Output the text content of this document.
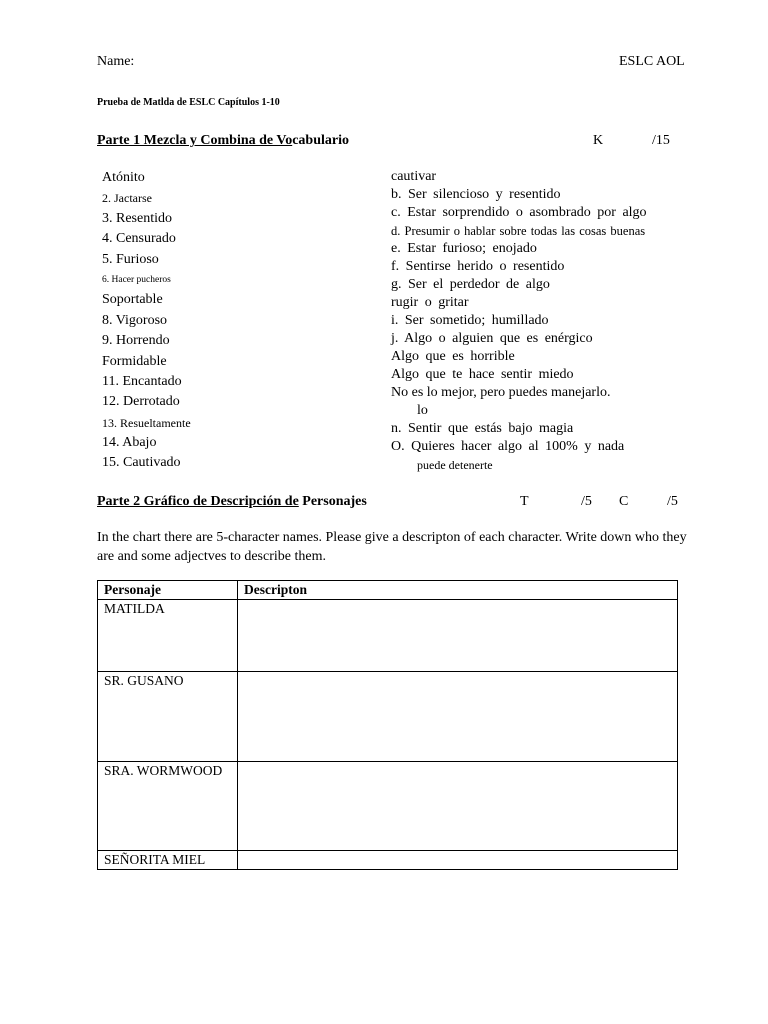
Name:	ESLC AOL
Prueba de Matlda de ESLC Capítulos 1-10
Parte 1 Mezcla y Combina de Vocabulario	K	/15
Atónito
2. Jactarse
3. Resentido
4. Censurado
5. Furioso
6. Hacer pucheros
Soportable
8. Vigoroso
9. Horrendo
Formidable
11. Encantado
12. Derrotado
13. Resueltamente
14. Abajo
15. Cautivado
cautivar
b. Ser silencioso y resentido
c. Estar sorprendido o asombrado por algo
d. Presumir o hablar sobre todas las cosas buenas
e. Estar furioso; enojado
f. Sentirse herido o resentido
g. Ser el perdedor de algo
rugir o gritar
i. Ser sometido; humillado
j. Algo o alguien que es enérgico
Algo que es horrible
Algo que te hace sentir miedo
No es lo mejor, pero puedes manejarlo.
lo
n. Sentir que estás bajo magia
O. Quieres hacer algo al 100% y nada
puede detenerte
Parte 2 Gráfico de Descripción de Personajes	T	/5 C	/5
In the chart there are 5-character names. Please give a descripton of each character. Write down who they are and some adjectves to describe them.
Personaje	Descripton
MATILDA	
SR. GUSANO	
SRA. WORMWOOD	
SEÑORITA MIEL	
